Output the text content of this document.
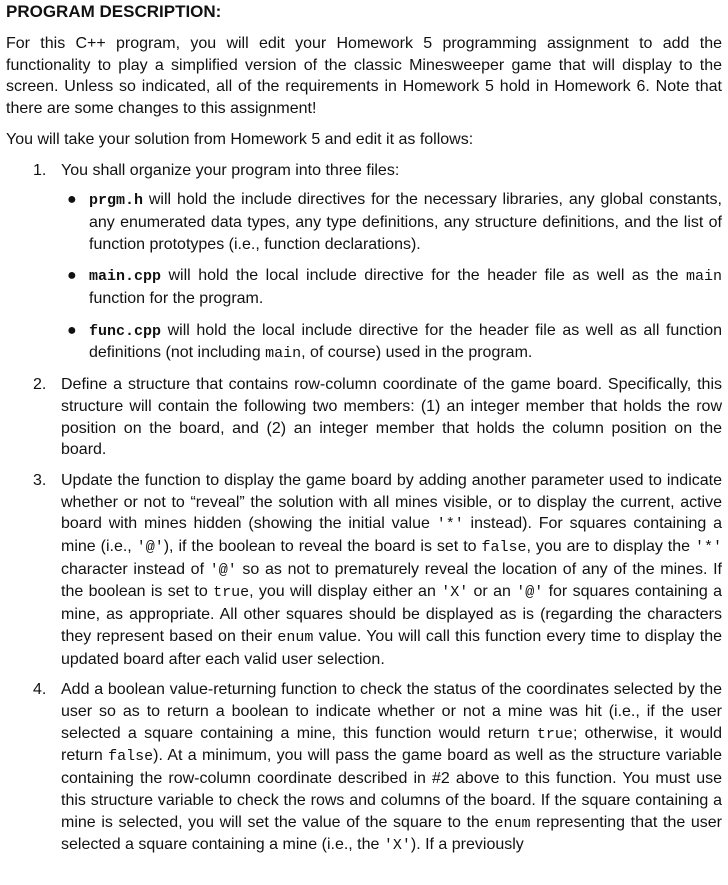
PROGRAM DESCRIPTION:

For this C++ program, you will edit your Homework 5 programming assignment to add the functionality to play a simplified version of the classic Minesweeper game that will display to the screen. Unless so indicated, all of the requirements in Homework 5 hold in Homework 6. Note that there are some changes to this assignment!

You will take your solution from Homework 5 and edit it as follows:

1. You shall organize your program into three files:
● prgm.h will hold the include directives for the necessary libraries, any global constants, any enumerated data types, any type definitions, any structure definitions, and the list of function prototypes (i.e., function declarations).
● main.cpp will hold the local include directive for the header file as well as the main function for the program.
● func.cpp will hold the local include directive for the header file as well as all function definitions (not including main, of course) used in the program.
2. Define a structure that contains row-column coordinate of the game board. Specifically, this structure will contain the following two members: (1) an integer member that holds the row position on the board, and (2) an integer member that holds the column position on the board.
3. Update the function to display the game board by adding another parameter used to indicate whether or not to “reveal” the solution with all mines visible, or to display the current, active board with mines hidden (showing the initial value '*' instead). For squares containing a mine (i.e., '@'), if the boolean to reveal the board is set to false, you are to display the '*' character instead of '@' so as not to prematurely reveal the location of any of the mines. If the boolean is set to true, you will display either an 'X' or an '@' for squares containing a mine, as appropriate. All other squares should be displayed as is (regarding the characters they represent based on their enum value. You will call this function every time to display the updated board after each valid user selection.
4. Add a boolean value-returning function to check the status of the coordinates selected by the user so as to return a boolean to indicate whether or not a mine was hit (i.e., if the user selected a square containing a mine, this function would return true; otherwise, it would return false). At a minimum, you will pass the game board as well as the structure variable containing the row-column coordinate described in #2 above to this function. You must use this structure variable to check the rows and columns of the board. If the square containing a mine is selected, you will set the value of the square to the enum representing that the user selected a square containing a mine (i.e., the 'X'). If a previously
